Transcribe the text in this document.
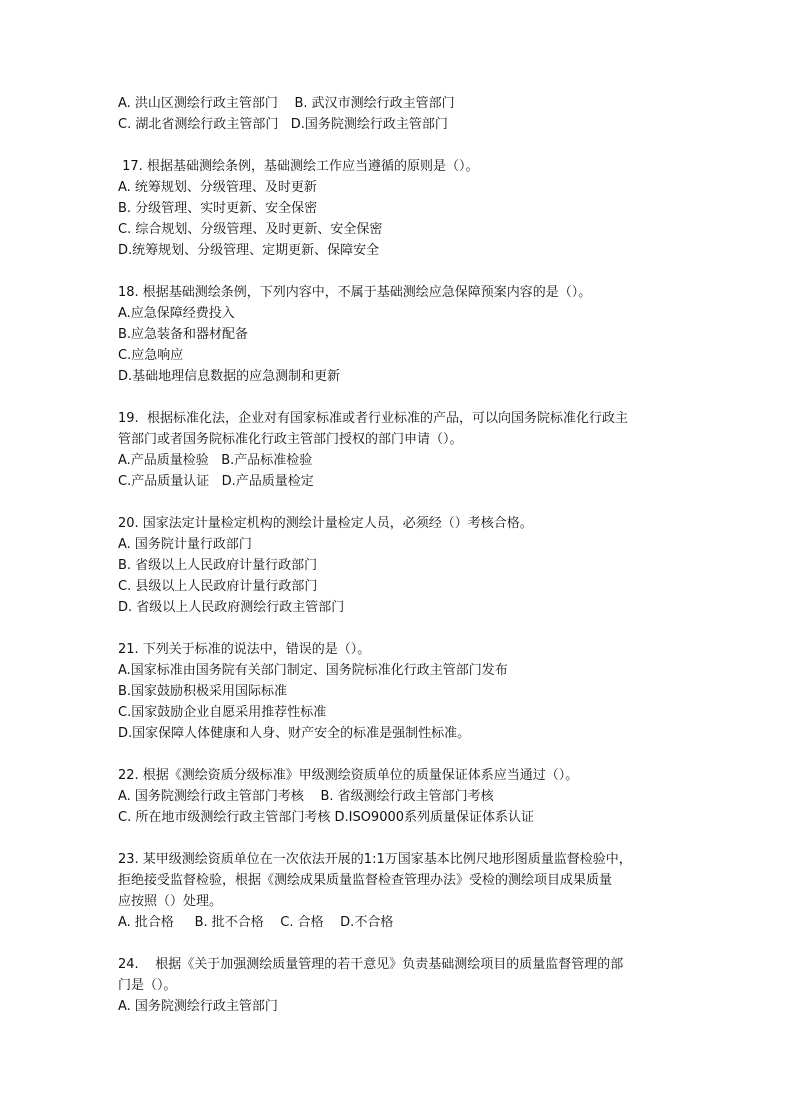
A. 洪山区测绘行政主管部门    B. 武汉市测绘行政主管部门
C. 湖北省测绘行政主管部门   D.国务院测绘行政主管部门
17. 根据基础测绘条例，基础测绘工作应当遵循的原则是（）。
A. 统筹规划、分级管理、及时更新
B. 分级管理、实时更新、安全保密
C. 综合规划、分级管理、及时更新、安全保密
D.统筹规划、分级管理、定期更新、保障安全
18. 根据基础测绘条例，下列内容中，不属于基础测绘应急保障预案内容的是（）。
A.应急保障经费投入
B.应急装备和器材配备
C.应急响应
D.基础地理信息数据的应急测制和更新
19.  根据标准化法，企业对有国家标准或者行业标准的产品，可以向国务院标准化行政主
管部门或者国务院标准化行政主管部门授权的部门申请（）。
A.产品质量检验   B.产品标准检验
C.产品质量认证   D.产品质量检定
20. 国家法定计量检定机构的测绘计量检定人员，必须经（）考核合格。
A. 国务院计量行政部门
B. 省级以上人民政府计量行政部门
C. 县级以上人民政府计量行政部门
D. 省级以上人民政府测绘行政主管部门
21. 下列关于标准的说法中，错误的是（）。
A.国家标准由国务院有关部门制定、国务院标准化行政主管部门发布
B.国家鼓励积极采用国际标准
C.国家鼓励企业自愿采用推荐性标准
D.国家保障人体健康和人身、财产安全的标准是强制性标准。
22. 根据《测绘资质分级标准》甲级测绘资质单位的质量保证体系应当通过（）。
A. 国务院测绘行政主管部门考核    B. 省级测绘行政主管部门考核
C. 所在地市级测绘行政主管部门考核 D.ISO9000系列质量保证体系认证
23. 某甲级测绘资质单位在一次依法开展的1:1万国家基本比例尺地形图质量监督检验中，
拒绝接受监督检验，根据《测绘成果质量监督检查管理办法》受检的测绘项目成果质量
应按照（）处理。
A. 批合格     B. 批不合格    C. 合格    D.不合格
24.    根据《关于加强测绘质量管理的若干意见》负责基础测绘项目的质量监督管理的部
门是（）。
A. 国务院测绘行政主管部门
